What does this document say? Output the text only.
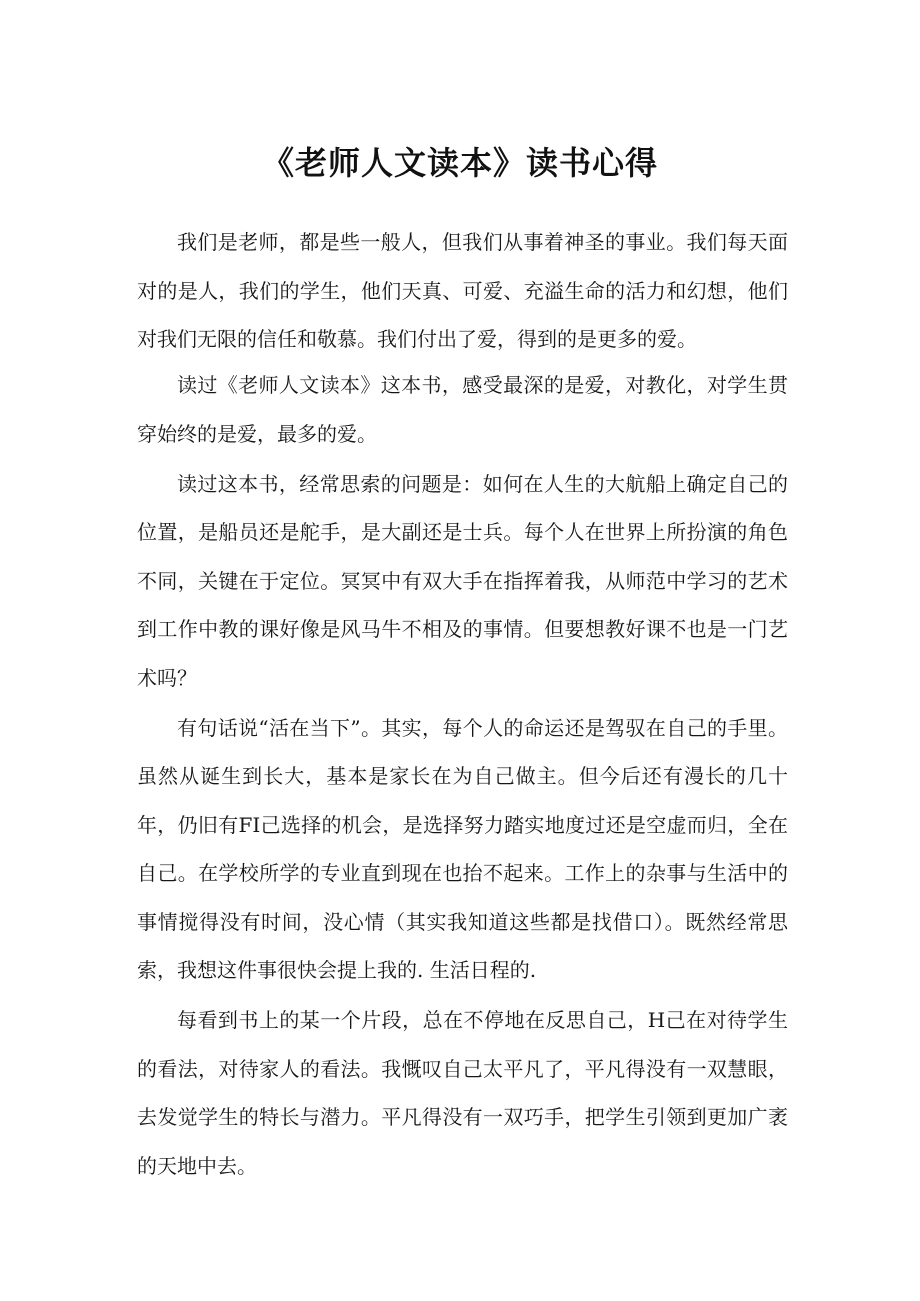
《老师人文读本》读书心得

我们是老师，都是些一般人，但我们从事着神圣的事业。我们每天面对的是人，我们的学生，他们天真、可爱、充溢生命的活力和幻想，他们对我们无限的信任和敬慕。我们付出了爱，得到的是更多的爱。

读过《老师人文读本》这本书，感受最深的是爱，对教化，对学生贯穿始终的是爱，最多的爱。

读过这本书，经常思索的问题是：如何在人生的大航船上确定自己的位置，是船员还是舵手，是大副还是士兵。每个人在世界上所扮演的角色不同，关键在于定位。冥冥中有双大手在指挥着我，从师范中学习的艺术到工作中教的课好像是风马牛不相及的事情。但要想教好课不也是一门艺术吗？

有句话说“活在当下”。其实，每个人的命运还是驾驭在自己的手里。虽然从诞生到长大，基本是家长在为自己做主。但今后还有漫长的几十年，仍旧有FI己选择的机会，是选择努力踏实地度过还是空虚而归，全在自己。在学校所学的专业直到现在也抬不起来。工作上的杂事与生活中的事情搅得没有时间，没心情（其实我知道这些都是找借口）。既然经常思索，我想这件事很快会提上我的. 生活日程的.

每看到书上的某一个片段，总在不停地在反思自己，H己在对待学生的看法，对待家人的看法。我慨叹自己太平凡了，平凡得没有一双慧眼，去发觉学生的特长与潜力。平凡得没有一双巧手，把学生引领到更加广袤的天地中去。
